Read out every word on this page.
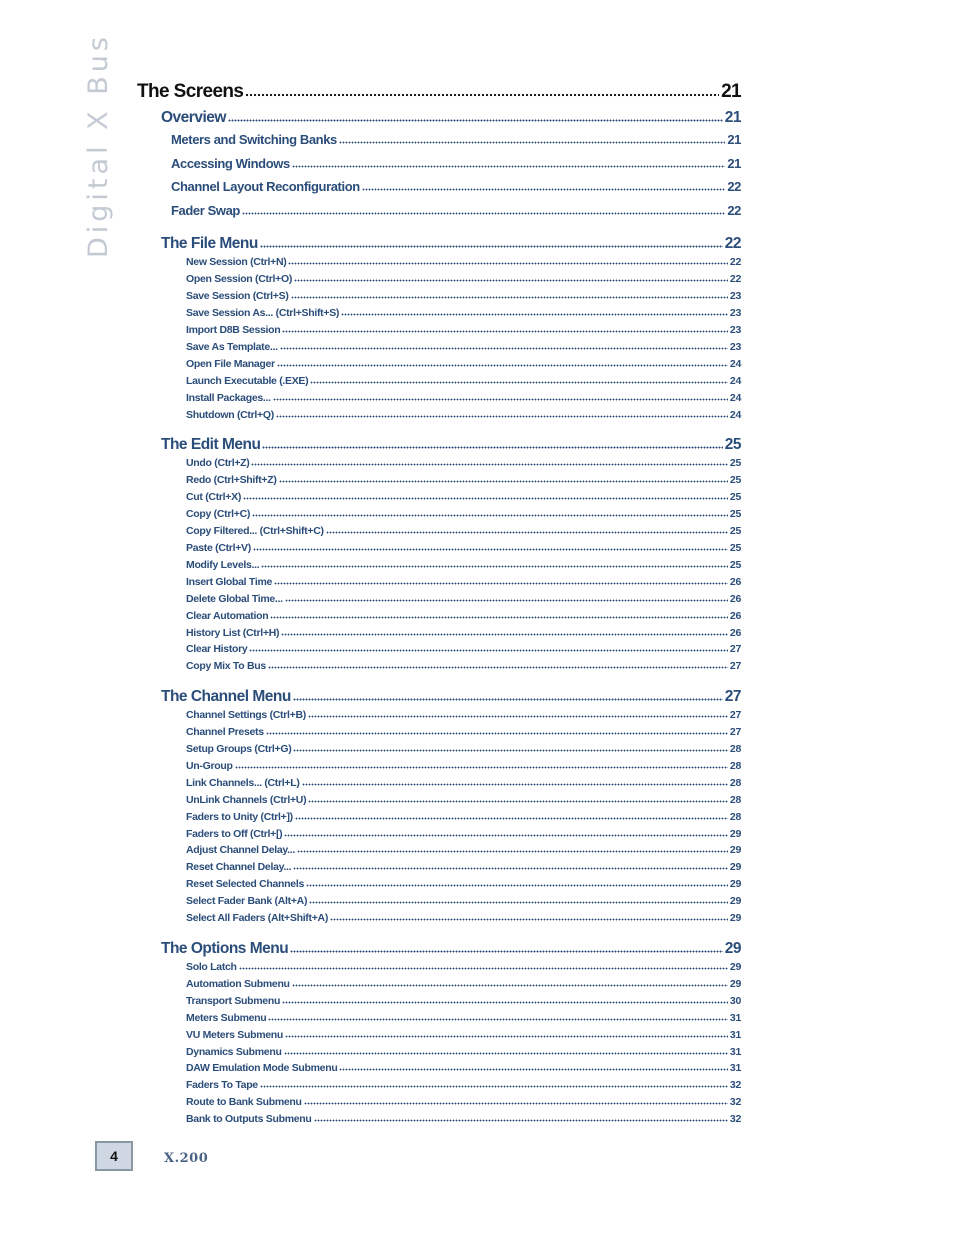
Digital X Bus The Screens	21
Overview	21
Meters and Switching Banks	21
Accessing Windows	21
Channel Layout Reconfiguration	22
Fader Swap	22
The File Menu	22
New Session (Ctrl+N)	22
Open Session (Ctrl+O)	22
Save Session (Ctrl+S)	23
Save Session As... (Ctrl+Shift+S)	23
Import D8B Session	23
Save As Template...	23
Open File Manager	24
Launch Executable (.EXE)	24
Install Packages...	24
Shutdown (Ctrl+Q)	24
The Edit Menu	25
Undo (Ctrl+Z)	25
Redo (Ctrl+Shift+Z)	25
Cut (Ctrl+X)	25
Copy (Ctrl+C)	25
Copy Filtered... (Ctrl+Shift+C)	25
Paste (Ctrl+V)	25
Modify Levels...	25
Insert Global Time	26
Delete Global Time...	26
Clear Automation	26
History List (Ctrl+H)	26
Clear History	27
Copy Mix To Bus	27
The Channel Menu	27
Channel Settings (Ctrl+B)	27
Channel Presets	27
Setup Groups (Ctrl+G)	28
Un-Group	28
Link Channels... (Ctrl+L)	28
UnLink Channels (Ctrl+U)	28
Faders to Unity (Ctrl+])	28
Faders to Off (Ctrl+[)	29
Adjust Channel Delay...	29
Reset Channel Delay...	29
Reset Selected Channels	29
Select Fader Bank (Alt+A)	29
Select All Faders (Alt+Shift+A)	29
The Options Menu	29
Solo Latch	29
Automation Submenu	29
Transport Submenu	30
Meters Submenu	31
VU Meters Submenu	31
Dynamics Submenu	31
DAW Emulation Mode Submenu	31
Faders To Tape	32
Route to Bank Submenu	32
Bank to Outputs Submenu	32
4	X.200
